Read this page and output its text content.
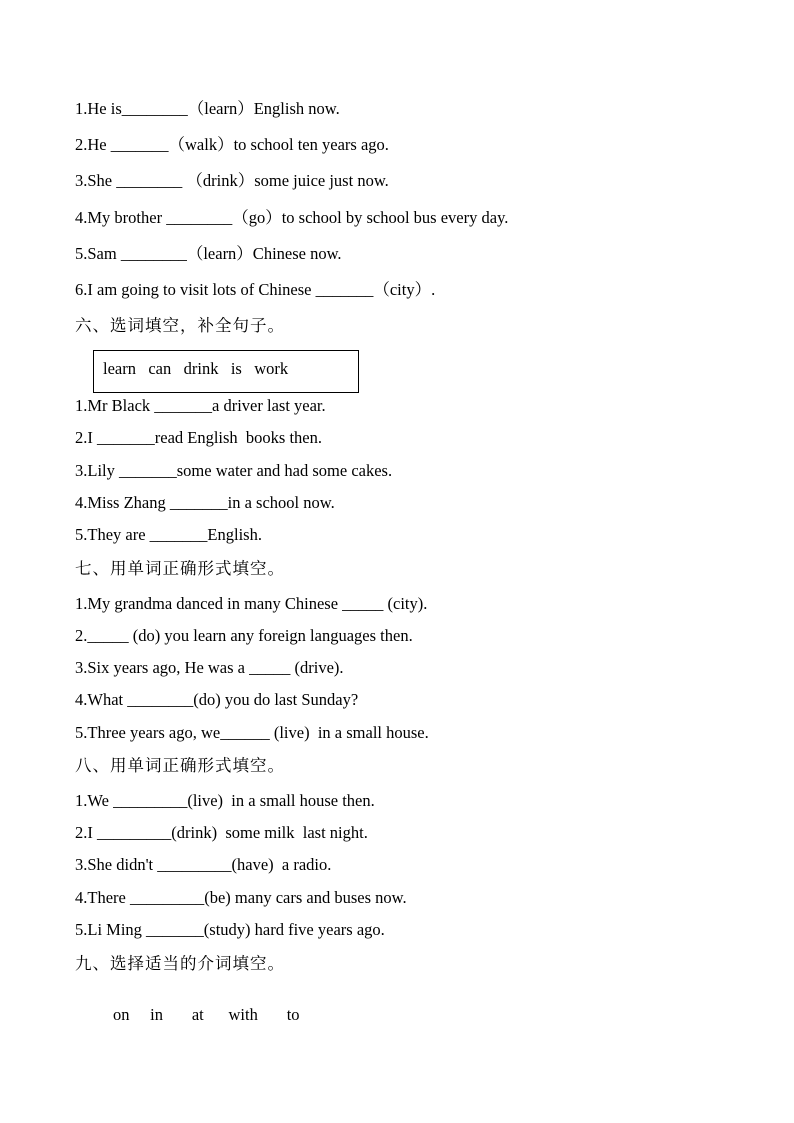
1.He is________（learn）English now.

2.He _______（walk）to school ten years ago.

3.She ________ （drink）some juice just now.

4.My brother ________（go）to school by school bus every day.

5.Sam ________（learn）Chinese now.

6.I am going to visit lots of Chinese _______（city）.

六、选词填空，补全句子。

learn   can   drink   is   work

1.Mr Black _______a driver last year.

2.I _______read English  books then.

3.Lily _______some water and had some cakes.

4.Miss Zhang _______in a school now.

5.They are _______English.

七、用单词正确形式填空。

1.My grandma danced in many Chinese _____ (city).

2._____ (do) you learn any foreign languages then.

3.Six years ago, He was a _____ (drive).

4.What ________(do) you do last Sunday?

5.Three years ago, we______ (live)  in a small house.

八、用单词正确形式填空。

1.We _________(live)  in a small house then.

2.I _________(drink)  some milk  last night.

3.She didn't _________(have)  a radio.

4.There _________(be) many cars and buses now.

5.Li Ming _______(study) hard five years ago.

九、选择适当的介词填空。

on     in       at      with       to
